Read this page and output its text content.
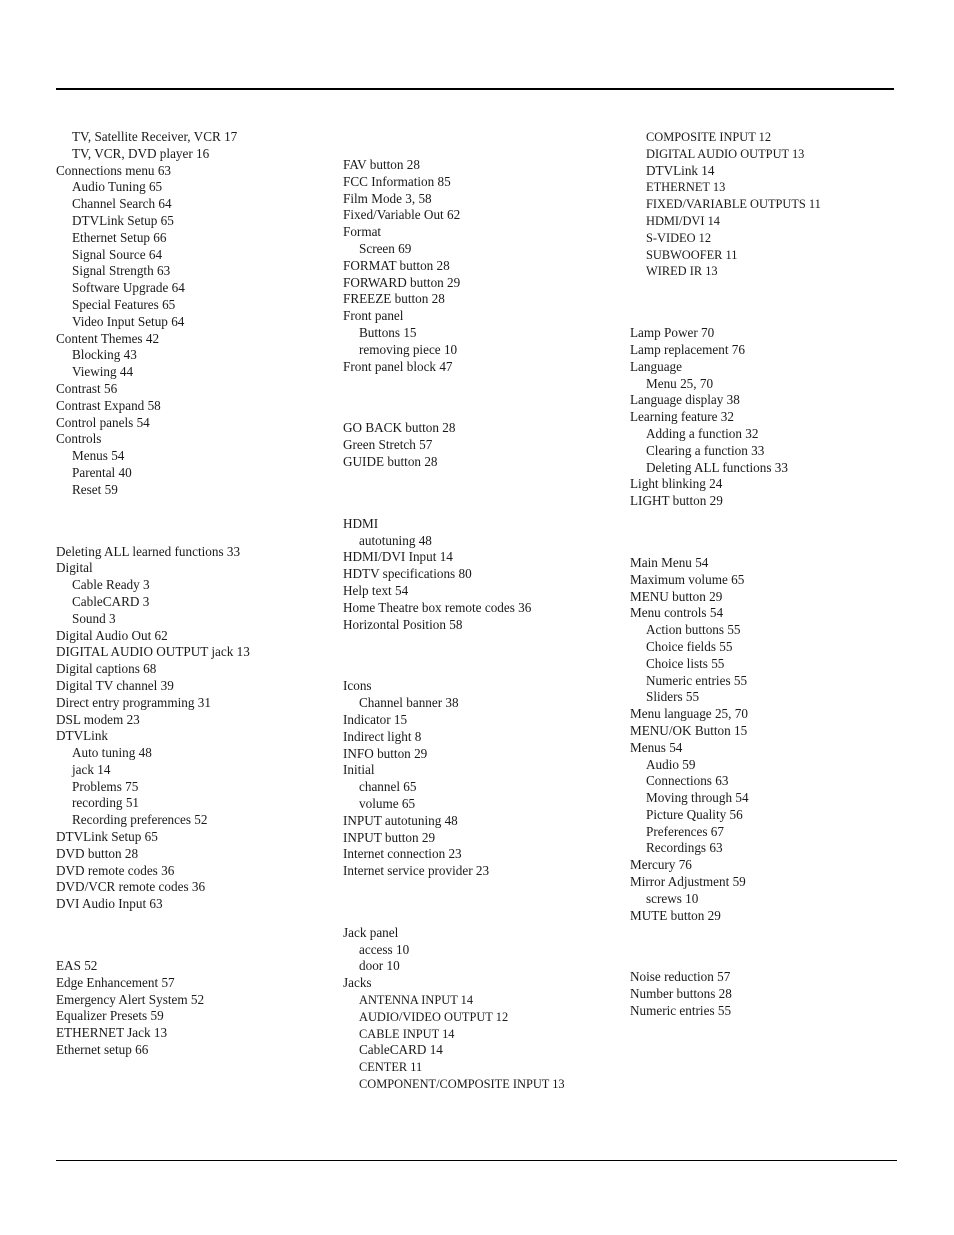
TV, Satellite Receiver, VCR 17
TV, VCR, DVD player 16
Connections menu 63
Audio Tuning 65
Channel Search 64
DTVLink Setup 65
Ethernet Setup 66
Signal Source 64
Signal Strength 63
Software Upgrade 64
Special Features 65
Video Input Setup 64
Content Themes 42
Blocking 43
Viewing 44
Contrast 56
Contrast Expand 58
Control panels 54
Controls
Menus 54
Parental 40
Reset 59
Deleting ALL learned functions 33
Digital
Cable Ready 3
CableCARD 3
Sound 3
Digital Audio Out 62
DIGITAL AUDIO OUTPUT jack 13
Digital captions 68
Digital TV channel 39
Direct entry programming 31
DSL modem 23
DTVLink
Auto tuning 48
jack 14
Problems 75
recording 51
Recording preferences 52
DTVLink Setup 65
DVD button 28
DVD remote codes 36
DVD/VCR remote codes 36
DVI Audio Input 63
EAS 52
Edge Enhancement 57
Emergency Alert System 52
Equalizer Presets 59
ETHERNET Jack 13
Ethernet setup 66
FAV button 28
FCC Information 85
Film Mode 3, 58
Fixed/Variable Out 62
Format
Screen 69
FORMAT button 28
FORWARD button 29
FREEZE button 28
Front panel
Buttons 15
removing piece 10
Front panel block 47
GO BACK button 28
Green Stretch 57
GUIDE button 28
HDMI
autotuning 48
HDMI/DVI Input 14
HDTV specifications 80
Help text 54
Home Theatre box remote codes 36
Horizontal Position 58
Icons
Channel banner 38
Indicator 15
Indirect light 8
INFO button 29
Initial
channel 65
volume 65
INPUT autotuning 48
INPUT button 29
Internet connection 23
Internet service provider 23
Jack panel
access 10
door 10
Jacks
ANTENNA INPUT 14
AUDIO/VIDEO OUTPUT 12
CABLE INPUT 14
CableCARD 14
CENTER 11
COMPONENT/COMPOSITE INPUT 13
COMPOSITE INPUT 12
DIGITAL AUDIO OUTPUT 13
DTVLink 14
ETHERNET 13
FIXED/VARIABLE OUTPUTS 11
HDMI/DVI 14
S-VIDEO 12
SUBWOOFER 11
WIRED IR 13
Lamp Power 70
Lamp replacement 76
Language
Menu 25, 70
Language display 38
Learning feature 32
Adding a function 32
Clearing a function 33
Deleting ALL functions 33
Light blinking 24
LIGHT button 29
Main Menu 54
Maximum volume 65
MENU button 29
Menu controls 54
Action buttons 55
Choice fields 55
Choice lists 55
Numeric entries 55
Sliders 55
Menu language 25, 70
MENU/OK Button 15
Menus 54
Audio 59
Connections 63
Moving through 54
Picture Quality 56
Preferences 67
Recordings 63
Mercury 76
Mirror Adjustment 59
screws 10
MUTE button 29
Noise reduction 57
Number buttons 28
Numeric entries 55
